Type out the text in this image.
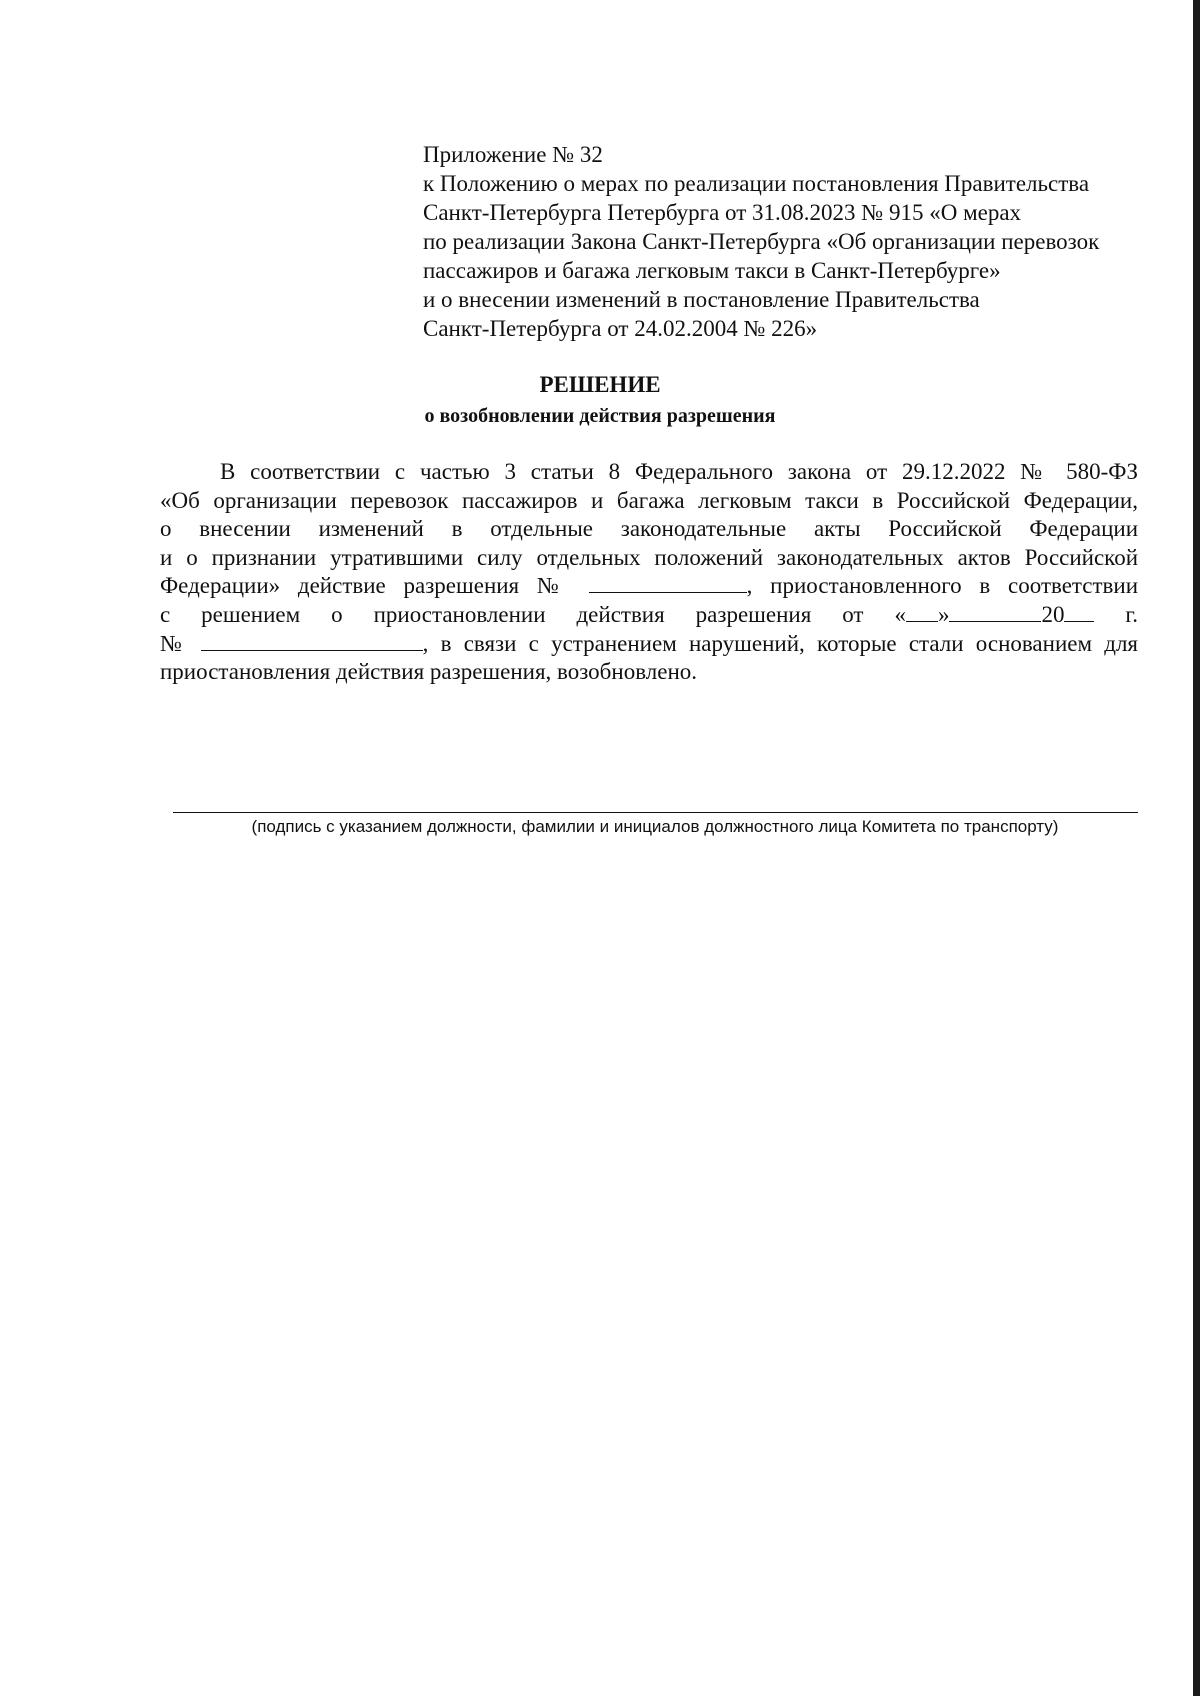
Приложение № 32
к Положению о мерах по реализации постановления Правительства
Санкт-Петербурга Петербурга от 31.08.2023 № 915 «О мерах
по реализации Закона Санкт-Петербурга «Об организации перевозок
пассажиров и багажа легковым такси в Санкт-Петербурге»
и о внесении изменений в постановление Правительства
Санкт-Петербурга от 24.02.2004 № 226»
РЕШЕНИЕ
о возобновлении действия разрешения
В соответствии с частью 3 статьи 8 Федерального закона от 29.12.2022 № 580-ФЗ
«Об организации перевозок пассажиров и багажа легковым такси в Российской Федерации,
о внесении изменений в отдельные законодательные акты Российской Федерации
и о признании утратившими силу отдельных положений законодательных актов Российской
Федерации» действие разрешения №	, приостановленного в соответствии
с решением о приостановлении действия разрешения от « »	20	г.
№	, в связи с устранением нарушений, которые стали основанием для
приостановления действия разрешения, возобновлено.
(подпись с указанием должности, фамилии и инициалов должностного лица Комитета по транспорту)
